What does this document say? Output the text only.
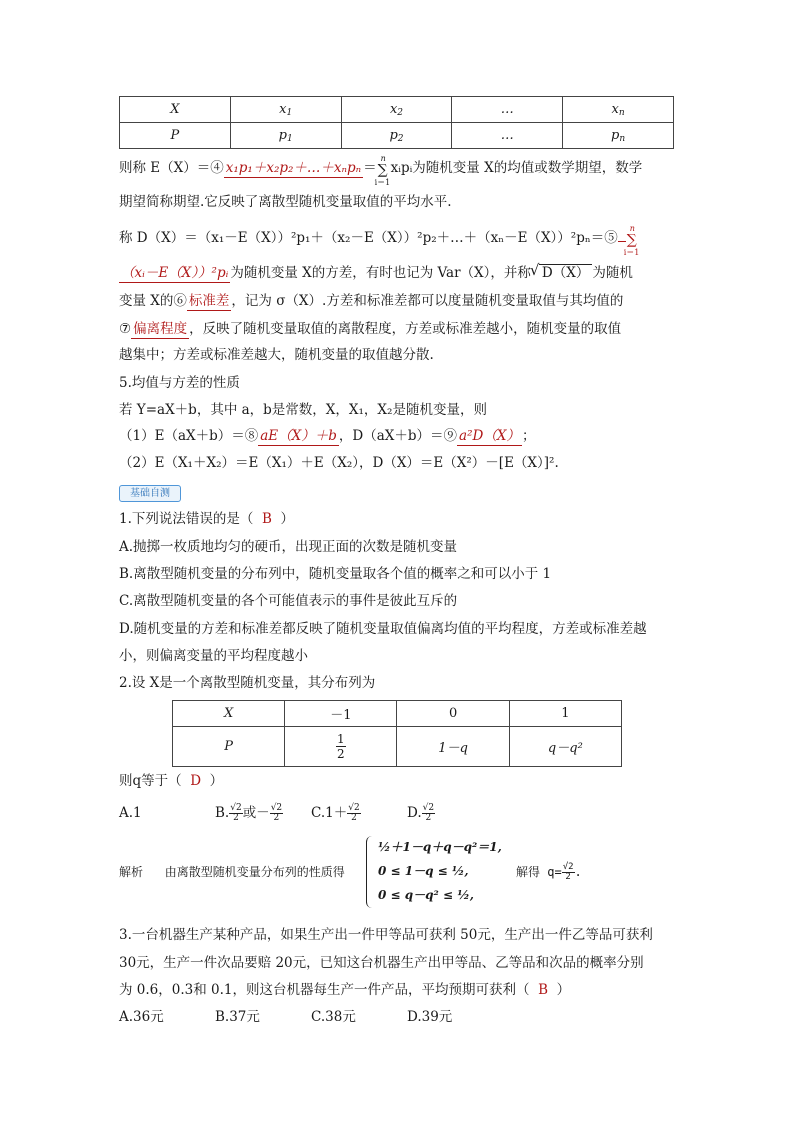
X	$x_1$	$x_2$	…	$x_n$
P	$p_1$	$p_2$	…	$p_n$
则称 E（X）＝④ x₁p₁＋x₂p₂＋…＋xₙpₙ ＝
n
∑
i＝1
xᵢpᵢ为随机变量 X的均值或数学期望，数学
期望简称期望.它反映了离散型随机变量取值的平均水平.
称 D（X）＝（x₁－E（X））²p₁＋（x₂－E（X））²p₂＋…＋（xₙ－E（X））²pₙ＝⑤
n
∑
i＝1
（xᵢ－E（X））²pᵢ 为随机变量 X的方差，有时也记为 Var（X），并称 √ D（X） 为随机
变量 X的⑥ 标准差 ，记为 σ（X）.方差和标准差都可以度量随机变量取值与其均值的
⑦ 偏离程度 ，反映了随机变量取值的离散程度，方差或标准差越小，随机变量的取值
越集中；方差或标准差越大，随机变量的取值越分散.
5.均值与方差的性质
若 Y=aX＋b，其中 a，b是常数，X，X₁，X₂是随机变量，则
（1）E（aX＋b）＝⑧ aE（X）＋b ，D（aX＋b）＝⑨ a²D（X） ；
（2）E（X₁＋X₂）＝E（X₁）＋E（X₂），D（X）＝E（X²）－[E（X）]².
基础自测
1.下列说法错误的是（ B ）
A.抛掷一枚质地均匀的硬币，出现正面的次数是随机变量
B.离散型随机变量的分布列中，随机变量取各个值的概率之和可以小于 1
C.离散型随机变量的各个可能值表示的事件是彼此互斥的
D.随机变量的方差和标准差都反映了随机变量取值偏离均值的平均程度，方差或标准差越
小，则偏离变量的平均程度越小
2.设 X是一个离散型随机变量，其分布列为
X	－1	0	1
P	$\frac{1}{2}$	1－q	q－q²
则q等于（ D ）
A.1	B. $\frac{√2}{2}$ 或－ $\frac{√2}{2} C.1+ \frac{√2}{2}$	D. $\frac{√2}{2}$
解析 由离散型随机变量分布列的性质得
½＋1－q＋q－q²＝1,
0 ≤ 1－q ≤ ½,
0 ≤ q－q² ≤ ½,
解得 $q= \frac{√2}{2}$ .
3.一台机器生产某种产品，如果生产出一件甲等品可获利 50元，生产出一件乙等品可获利
30元，生产一件次品要赔 20元，已知这台机器生产出甲等品、乙等品和次品的概率分别
为 0.6，0.3和 0.1，则这台机器每生产一件产品，平均预期可获利（ B ）
A.36元	B.37元	C.38元	D.39元
